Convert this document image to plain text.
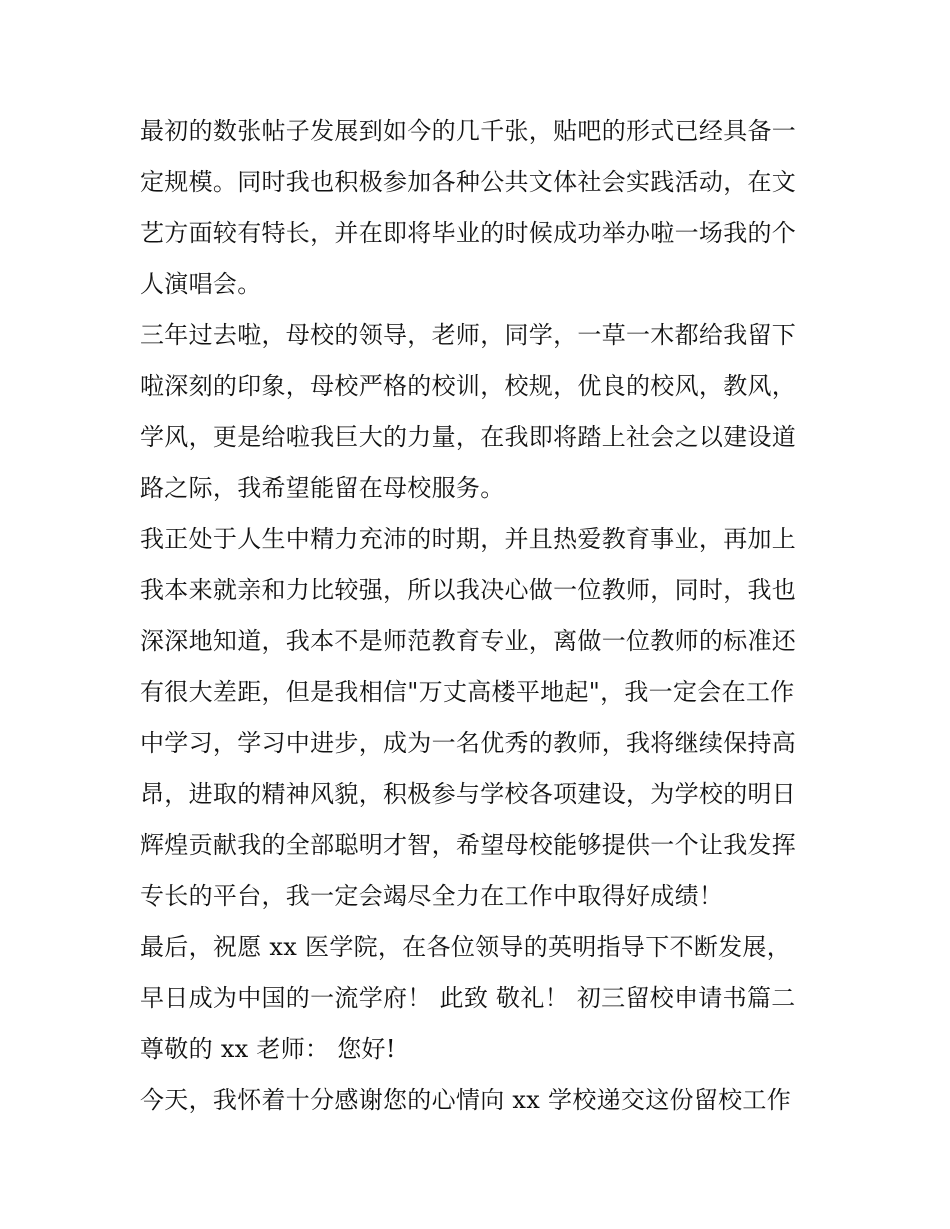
最初的数张帖子发展到如今的几千张，贴吧的形式已经具备一
定规模。同时我也积极参加各种公共文体社会实践活动，在文
艺方面较有特长，并在即将毕业的时候成功举办啦一场我的个
人演唱会。
三年过去啦，母校的领导，老师，同学，一草一木都给我留下
啦深刻的印象，母校严格的校训，校规，优良的校风，教风，
学风，更是给啦我巨大的力量，在我即将踏上社会之以建设道
路之际，我希望能留在母校服务。
我正处于人生中精力充沛的时期，并且热爱教育事业，再加上
我本来就亲和力比较强，所以我决心做一位教师，同时，我也
深深地知道，我本不是师范教育专业，离做一位教师的标准还
有很大差距，但是我相信"万丈高楼平地起"，我一定会在工作
中学习，学习中进步，成为一名优秀的教师，我将继续保持高
昂，进取的精神风貌，积极参与学校各项建设，为学校的明日
辉煌贡献我的全部聪明才智，希望母校能够提供一个让我发挥
专长的平台，我一定会竭尽全力在工作中取得好成绩！
最后，祝愿 xx 医学院，在各位领导的英明指导下不断发展，
早日成为中国的一流学府！ 此致 敬礼！ 初三留校申请书篇二
尊敬的 xx 老师： 您好!
今天，我怀着十分感谢您的心情向 xx 学校递交这份留校工作
